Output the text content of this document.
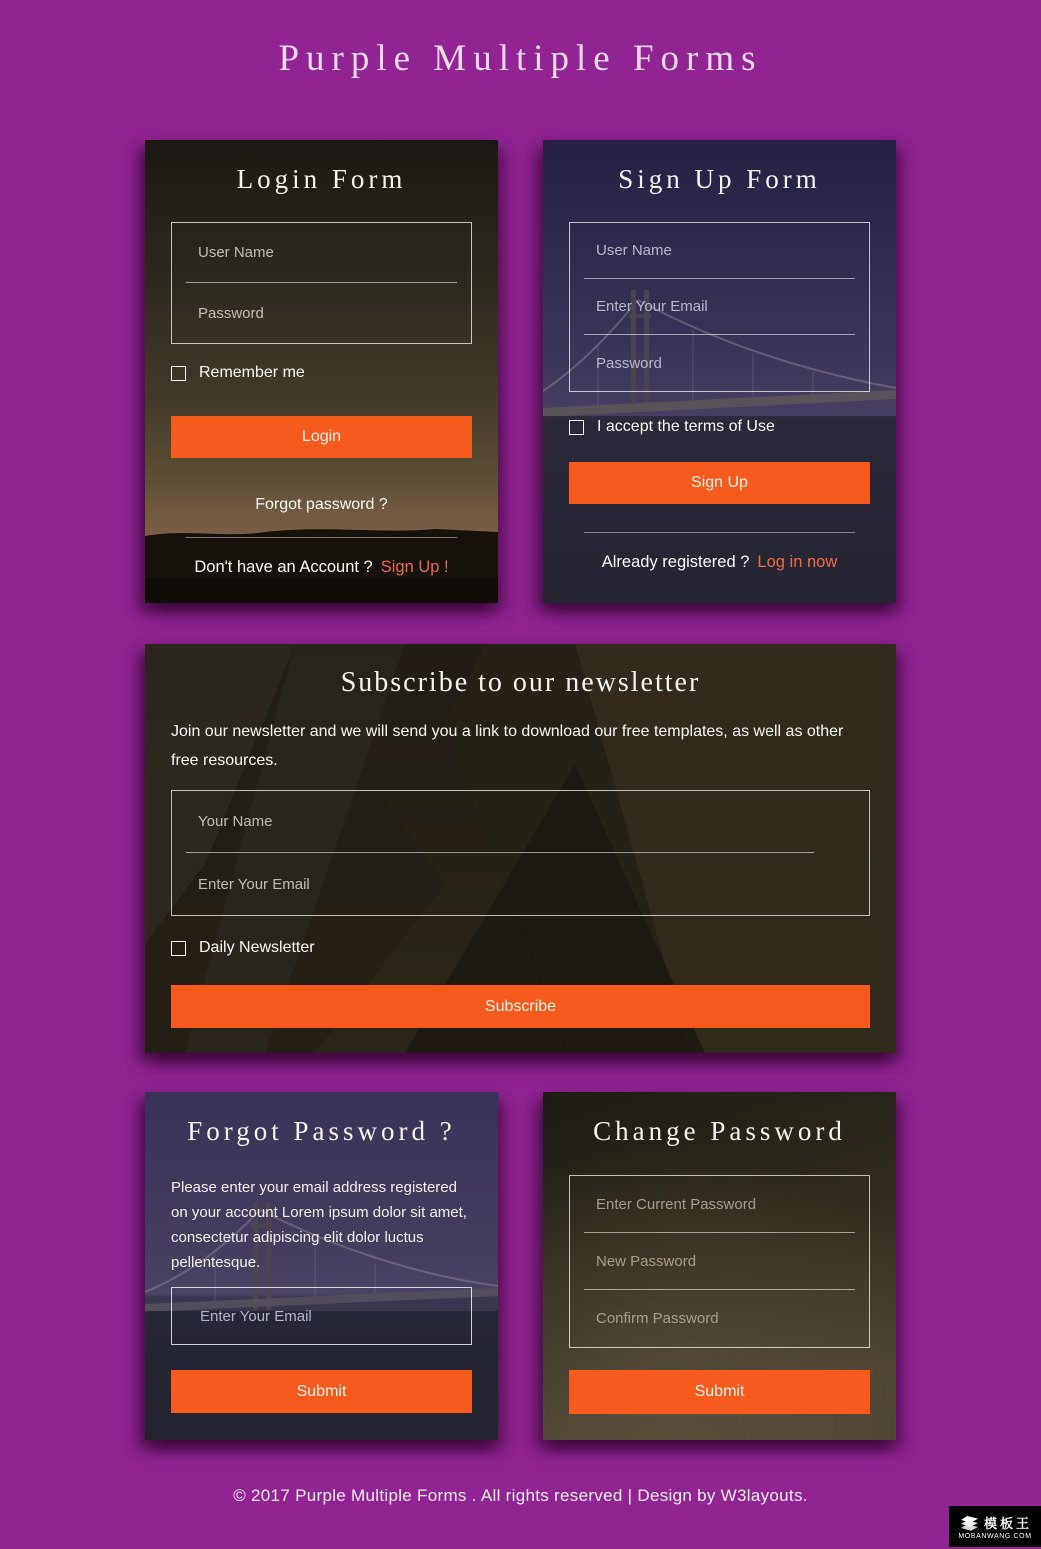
Purple Multiple Forms
Login Form
User Name
Password
Remember me
Login
Forgot password ?
Don't have an Account ? Sign Up !
Sign Up Form
User Name
Enter Your Email
Password
I accept the terms of Use
Sign Up
Already registered ? Log in now
Subscribe to our newsletter

Join our newsletter and we will send you a link to download our free templates, as well as other free resources.

Your Name
Enter Your Email
Daily Newsletter
Subscribe
Forgot Password ?

Please enter your email address registered on your account Lorem ipsum dolor sit amet, consectetur adipiscing elit dolor luctus pellentesque.

Enter Your Email
Submit
Change Password
Enter Current Password
New Password
Confirm Password
Submit
© 2017 Purple Multiple Forms . All rights reserved | Design by W3layouts.
模板王
MOBANWANG.COM
